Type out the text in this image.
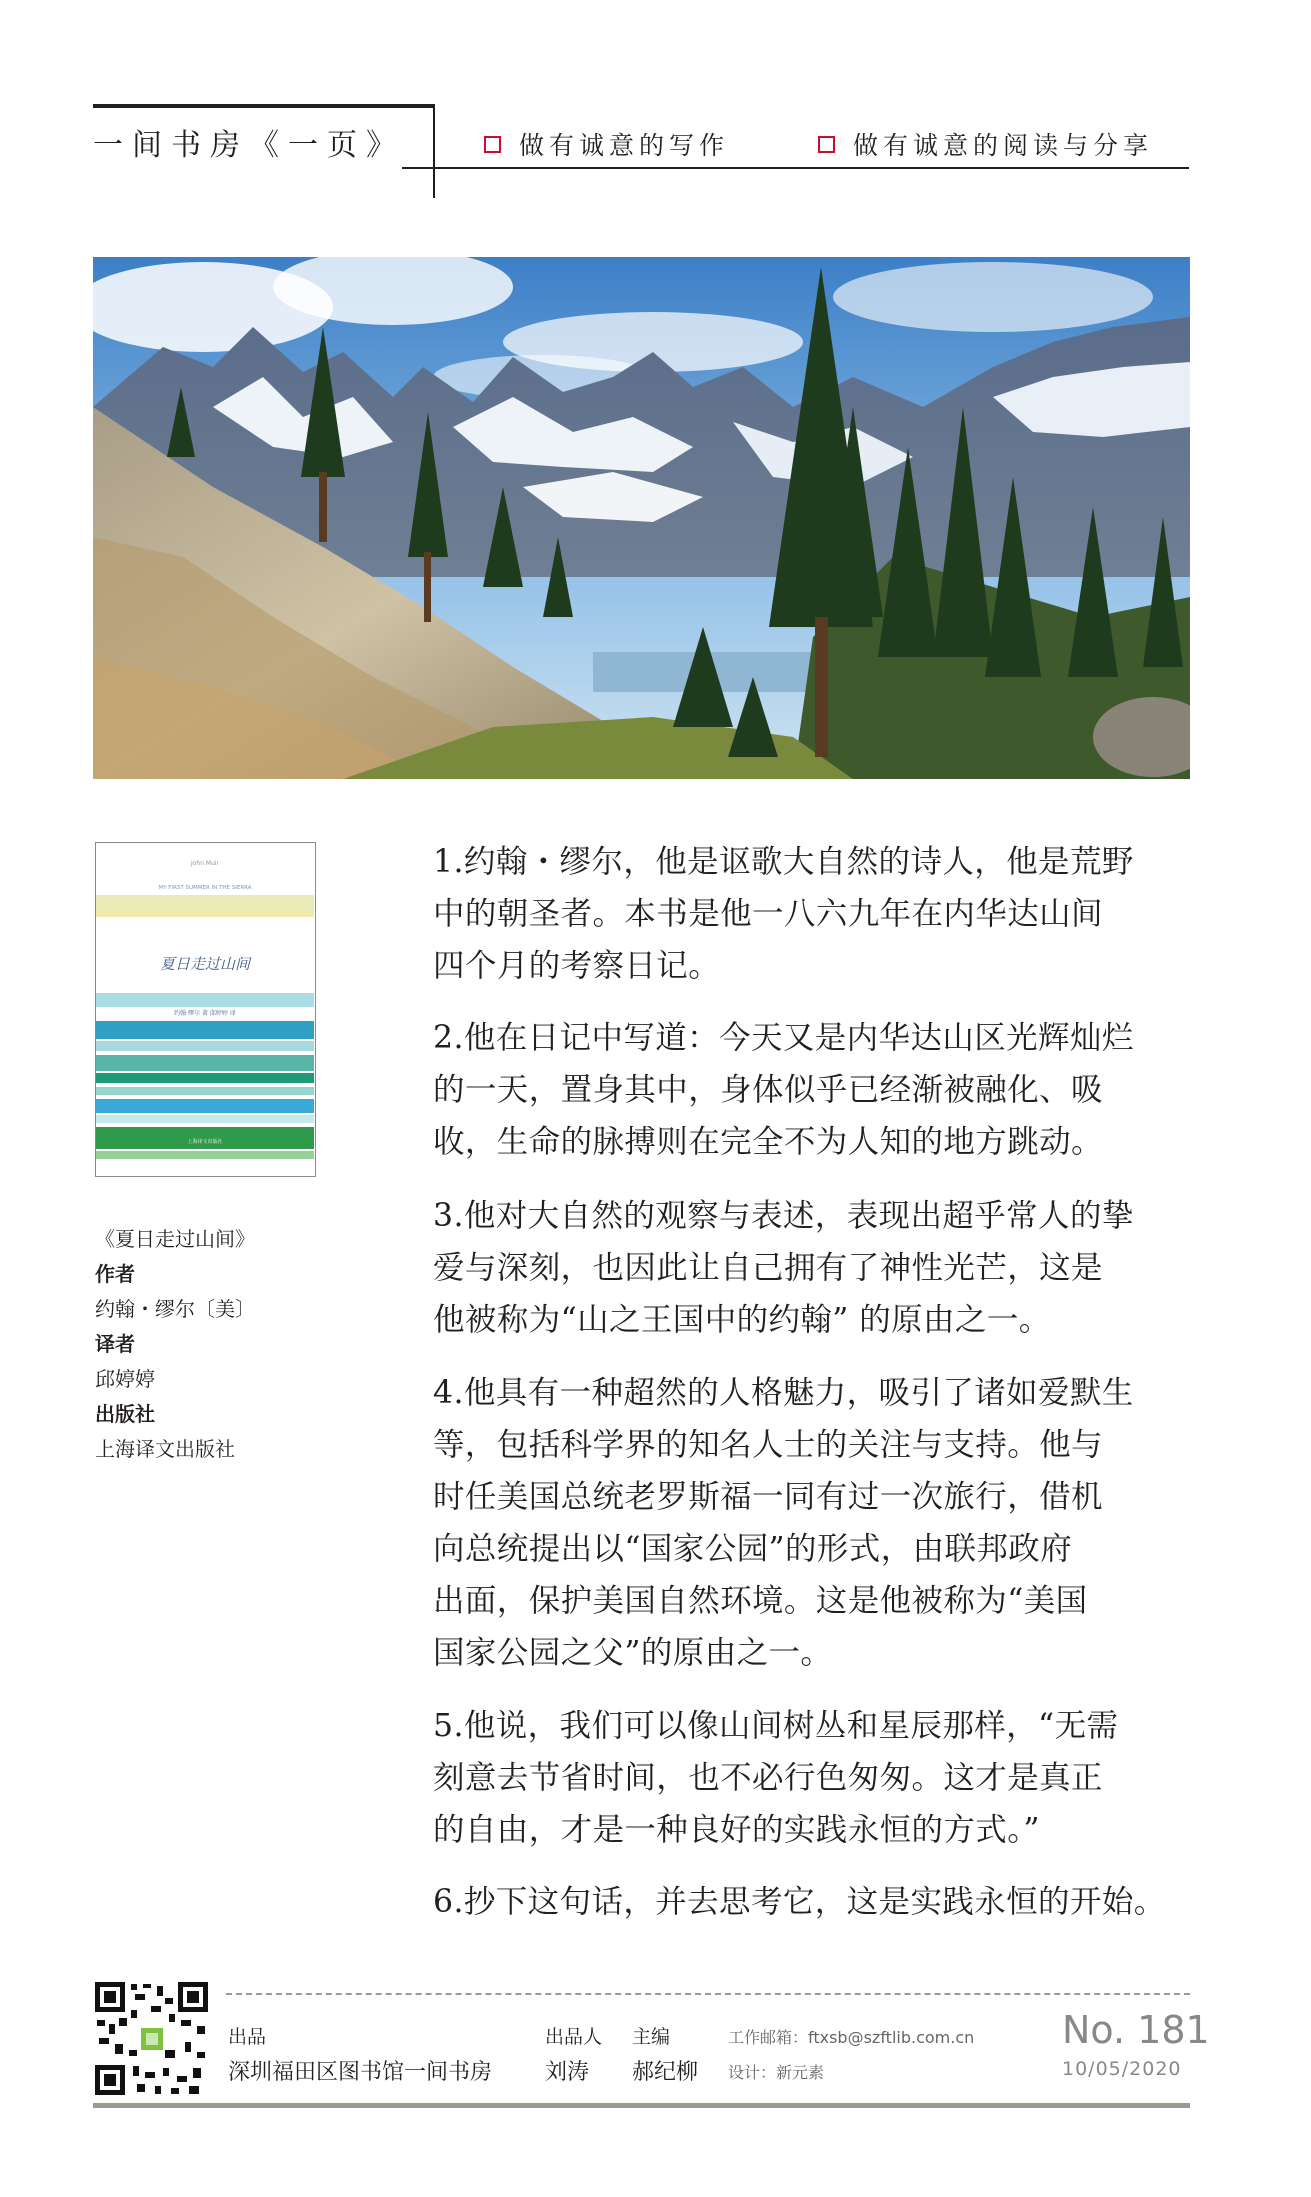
一间书房《一页》	做有诚意的写作	做有诚意的阅读与分享
John Muir
MY FIRST SUMMER IN THE SIERRA
夏日走过山间
约翰·缪尔 著 邱婷婷 译
上海译文出版社
《夏日走过山间》
作者
约翰・缪尔〔美〕
译者
邱婷婷
出版社
上海译文出版社
1.约翰・缪尔，他是讴歌大自然的诗人，他是荒野
中的朝圣者。本书是他一八六九年在内华达山间
四个月的考察日记。
2.他在日记中写道：今天又是内华达山区光辉灿烂
的一天，置身其中，身体似乎已经渐被融化、吸
收，生命的脉搏则在完全不为人知的地方跳动。
3.他对大自然的观察与表述，表现出超乎常人的挚
爱与深刻，也因此让自己拥有了神性光芒，这是
他被称为“山之王国中的约翰” 的原由之一。
4.他具有一种超然的人格魅力，吸引了诸如爱默生
等，包括科学界的知名人士的关注与支持。他与
时任美国总统老罗斯福一同有过一次旅行，借机
向总统提出以“国家公园”的形式，由联邦政府
出面，保护美国自然环境。这是他被称为“美国
国家公园之父”的原由之一。
5.他说，我们可以像山间树丛和星辰那样，“无需
刻意去节省时间，也不必行色匆匆。这才是真正
的自由，才是一种良好的实践永恒的方式。”
6.抄下这句话，并去思考它，这是实践永恒的开始。
出品
深圳福田区图书馆一间书房
出品人
刘涛
主编
郝纪柳
工作邮箱：ftxsb@szftlib.com.cn
设计：新元素
No. 181
10/05/2020
